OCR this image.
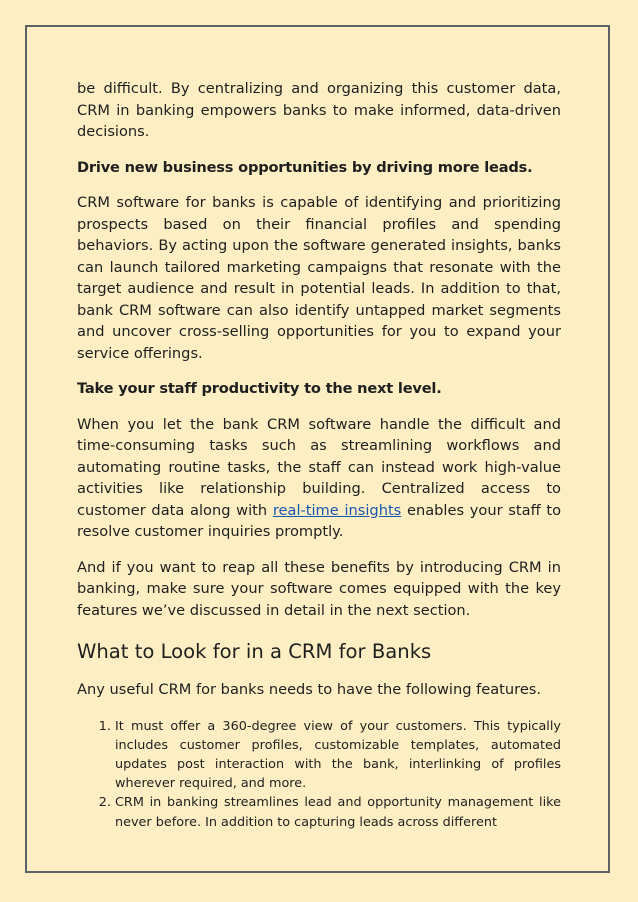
be difficult. By centralizing and organizing this customer data, CRM in banking empowers banks to make informed, data-driven decisions.

Drive new business opportunities by driving more leads.

CRM software for banks is capable of identifying and prioritizing prospects based on their financial profiles and spending behaviors. By acting upon the software generated insights, banks can launch tailored marketing campaigns that resonate with the target audience and result in potential leads. In addition to that, bank CRM software can also identify untapped market segments and uncover cross-selling opportunities for you to expand your service offerings.

Take your staff productivity to the next level.

When you let the bank CRM software handle the difficult and time-consuming tasks such as streamlining workflows and automating routine tasks, the staff can instead work high-value activities like relationship building. Centralized access to customer data along with real-time insights enables your staff to resolve customer inquiries promptly.

And if you want to reap all these benefits by introducing CRM in banking, make sure your software comes equipped with the key features we’ve discussed in detail in the next section.

What to Look for in a CRM for Banks

Any useful CRM for banks needs to have the following features.

1. It must offer a 360-degree view of your customers. This typically includes customer profiles, customizable templates, automated updates post interaction with the bank, interlinking of profiles wherever required, and more.
2. CRM in banking streamlines lead and opportunity management like never before. In addition to capturing leads across different
